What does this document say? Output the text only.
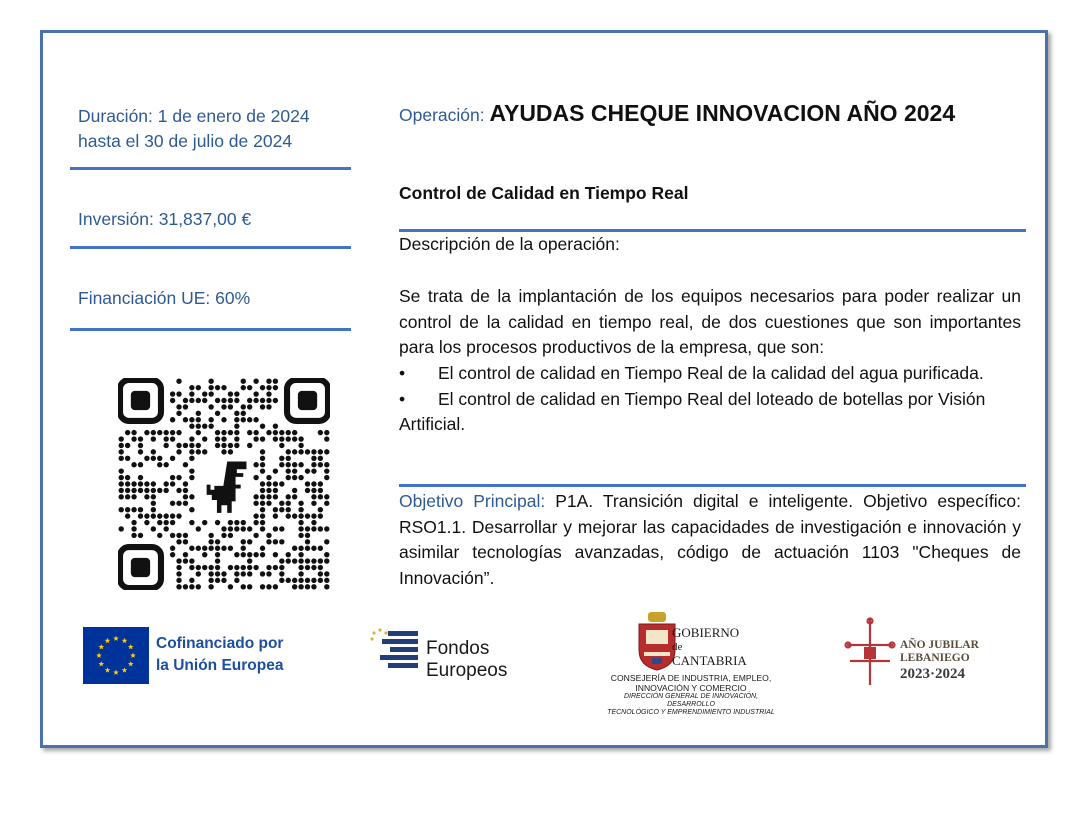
Duración: 1 de enero de 2024
hasta el 30 de julio de 2024
Inversión: 31,837,00 €
Financiación UE: 60%
Operación: AYUDAS CHEQUE INNOVACION AÑO 2024
Control de Calidad en Tiempo Real
Descripción de la operación:
Se trata de la implantación de los equipos necesarios para poder realizar un control de la calidad en tiempo real, de dos cuestiones que son importantes para los procesos productivos de la empresa, que son:
• El control de calidad en Tiempo Real de la calidad del agua purificada.
• El control de calidad en Tiempo Real del loteado de botellas por Visión Artificial.
Objetivo Principal: P1A. Transición digital e inteligente. Objetivo específico: RSO1.1. Desarrollar y mejorar las capacidades de investigación e innovación y asimilar tecnologías avanzadas, código de actuación 1103 "Cheques de Innovación”.
Cofinanciado por
la Unión Europea
Fondos Europeos
GOBIERNO
de
CANTABRIA
CONSEJERÍA DE INDUSTRIA, EMPLEO,
INNOVACIÓN Y COMERCIO
DIRECCIÓN GENERAL DE INNOVACIÓN, DESARROLLO
TECNOLÓGICO Y EMPRENDIMIENTO INDUSTRIAL
AÑO JUBILAR
LEBANIEGO
2023·2024
